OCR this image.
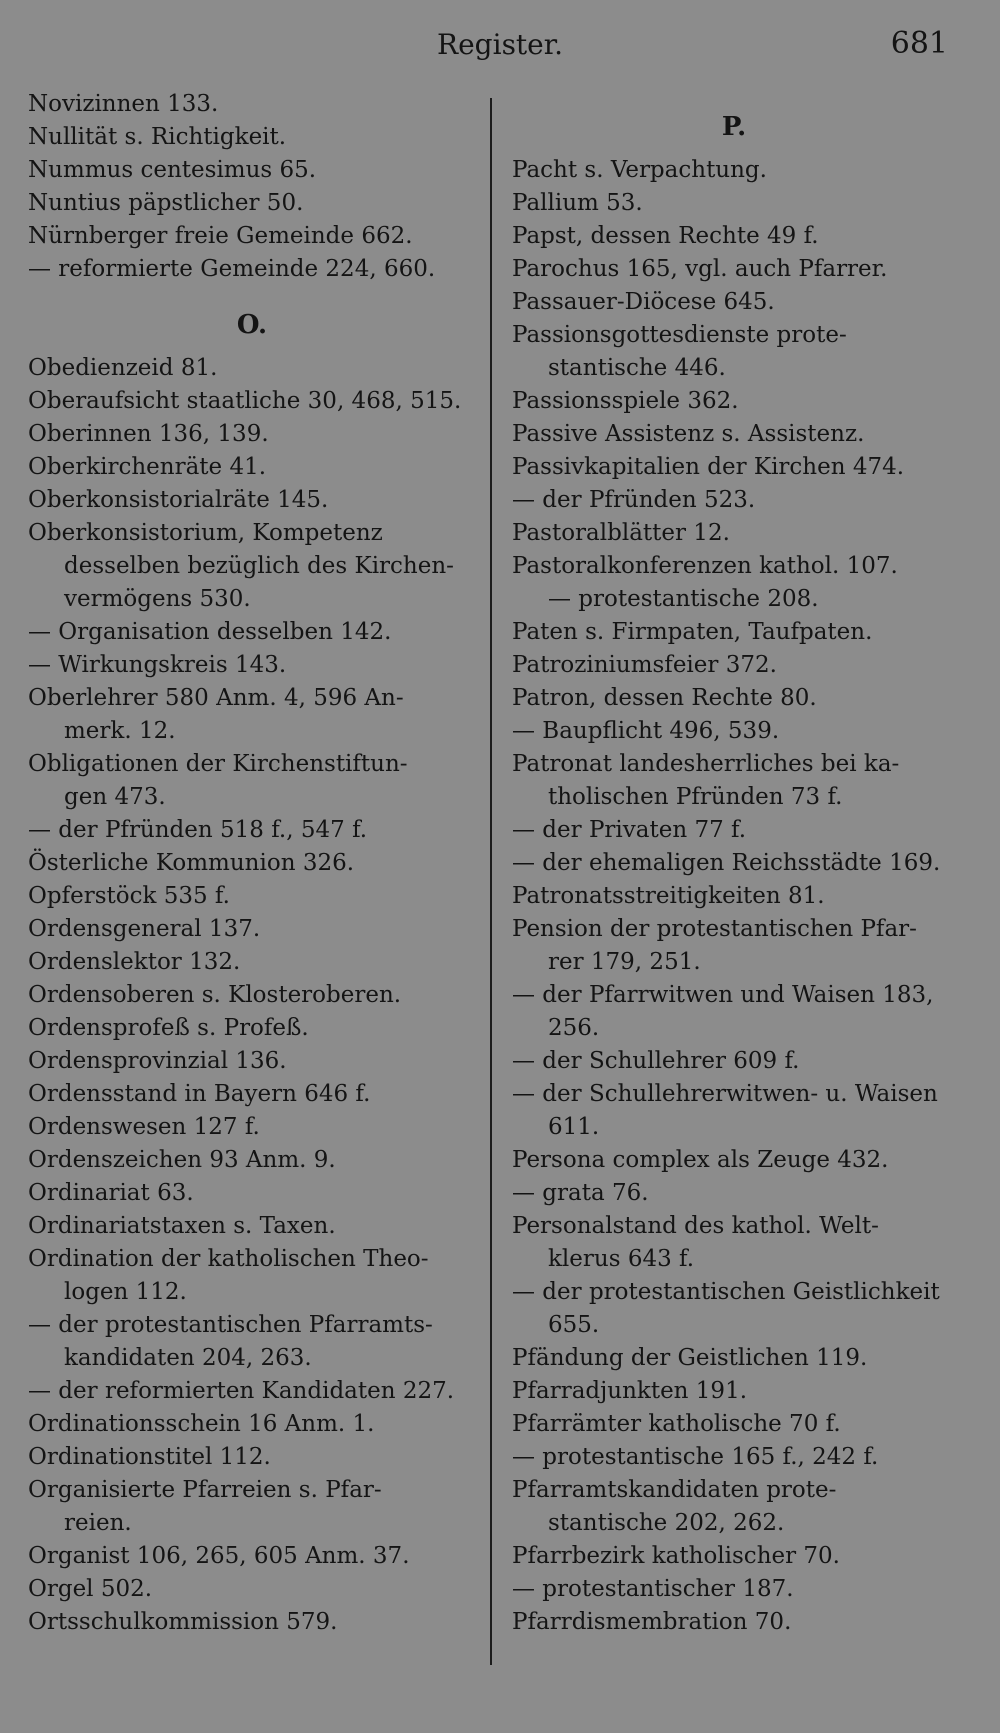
Register.	681
Novizinnen 133.
Nullität s. Richtigkeit.
Nummus centesimus 65.
Nuntius päpstlicher 50.
Nürnberger freie Gemeinde 662.
— reformierte Gemeinde 224, 660.
O.
Obedienzeid 81.
Oberaufsicht staatliche 30, 468, 515.
Oberinnen 136, 139.
Oberkirchenräte 41.
Oberkonsistorialräte 145.
Oberkonsistorium, Kompetenz
desselben bezüglich des Kirchen-
vermögens 530.
— Organisation desselben 142.
— Wirkungskreis 143.
Oberlehrer 580 Anm. 4, 596 An-
merk. 12.
Obligationen der Kirchenstiftun-
gen 473.
— der Pfründen 518 f., 547 f.
Österliche Kommunion 326.
Opferstöck 535 f.
Ordensgeneral 137.
Ordenslektor 132.
Ordensoberen s. Klosteroberen.
Ordensprofeß s. Profeß.
Ordensprovinzial 136.
Ordensstand in Bayern 646 f.
Ordenswesen 127 f.
Ordenszeichen 93 Anm. 9.
Ordinariat 63.
Ordinariatstaxen s. Taxen.
Ordination der katholischen Theo-
logen 112.
— der protestantischen Pfarramts-
kandidaten 204, 263.
— der reformierten Kandidaten 227.
Ordinationsschein 16 Anm. 1.
Ordinationstitel 112.
Organisierte Pfarreien s. Pfar-
reien.
Organist 106, 265, 605 Anm. 37.
Orgel 502.
Ortsschulkommission 579.
P.
Pacht s. Verpachtung.
Pallium 53.
Papst, dessen Rechte 49 f.
Parochus 165, vgl. auch Pfarrer.
Passauer-Diöcese 645.
Passionsgottesdienste prote-
stantische 446.
Passionsspiele 362.
Passive Assistenz s. Assistenz.
Passivkapitalien der Kirchen 474.
— der Pfründen 523.
Pastoralblätter 12.
Pastoralkonferenzen kathol. 107.
— protestantische 208.
Paten s. Firmpaten, Taufpaten.
Patroziniumsfeier 372.
Patron, dessen Rechte 80.
— Baupflicht 496, 539.
Patronat landesherrliches bei ka-
tholischen Pfründen 73 f.
— der Privaten 77 f.
— der ehemaligen Reichsstädte 169.
Patronatsstreitigkeiten 81.
Pension der protestantischen Pfar-
rer 179, 251.
— der Pfarrwitwen und Waisen 183,
256.
— der Schullehrer 609 f.
— der Schullehrerwitwen- u. Waisen
611.
Persona complex als Zeuge 432.
— grata 76.
Personalstand des kathol. Welt-
klerus 643 f.
— der protestantischen Geistlichkeit
655.
Pfändung der Geistlichen 119.
Pfarradjunkten 191.
Pfarrämter katholische 70 f.
— protestantische 165 f., 242 f.
Pfarramtskandidaten prote-
stantische 202, 262.
Pfarrbezirk katholischer 70.
— protestantischer 187.
Pfarrdismembration 70.
